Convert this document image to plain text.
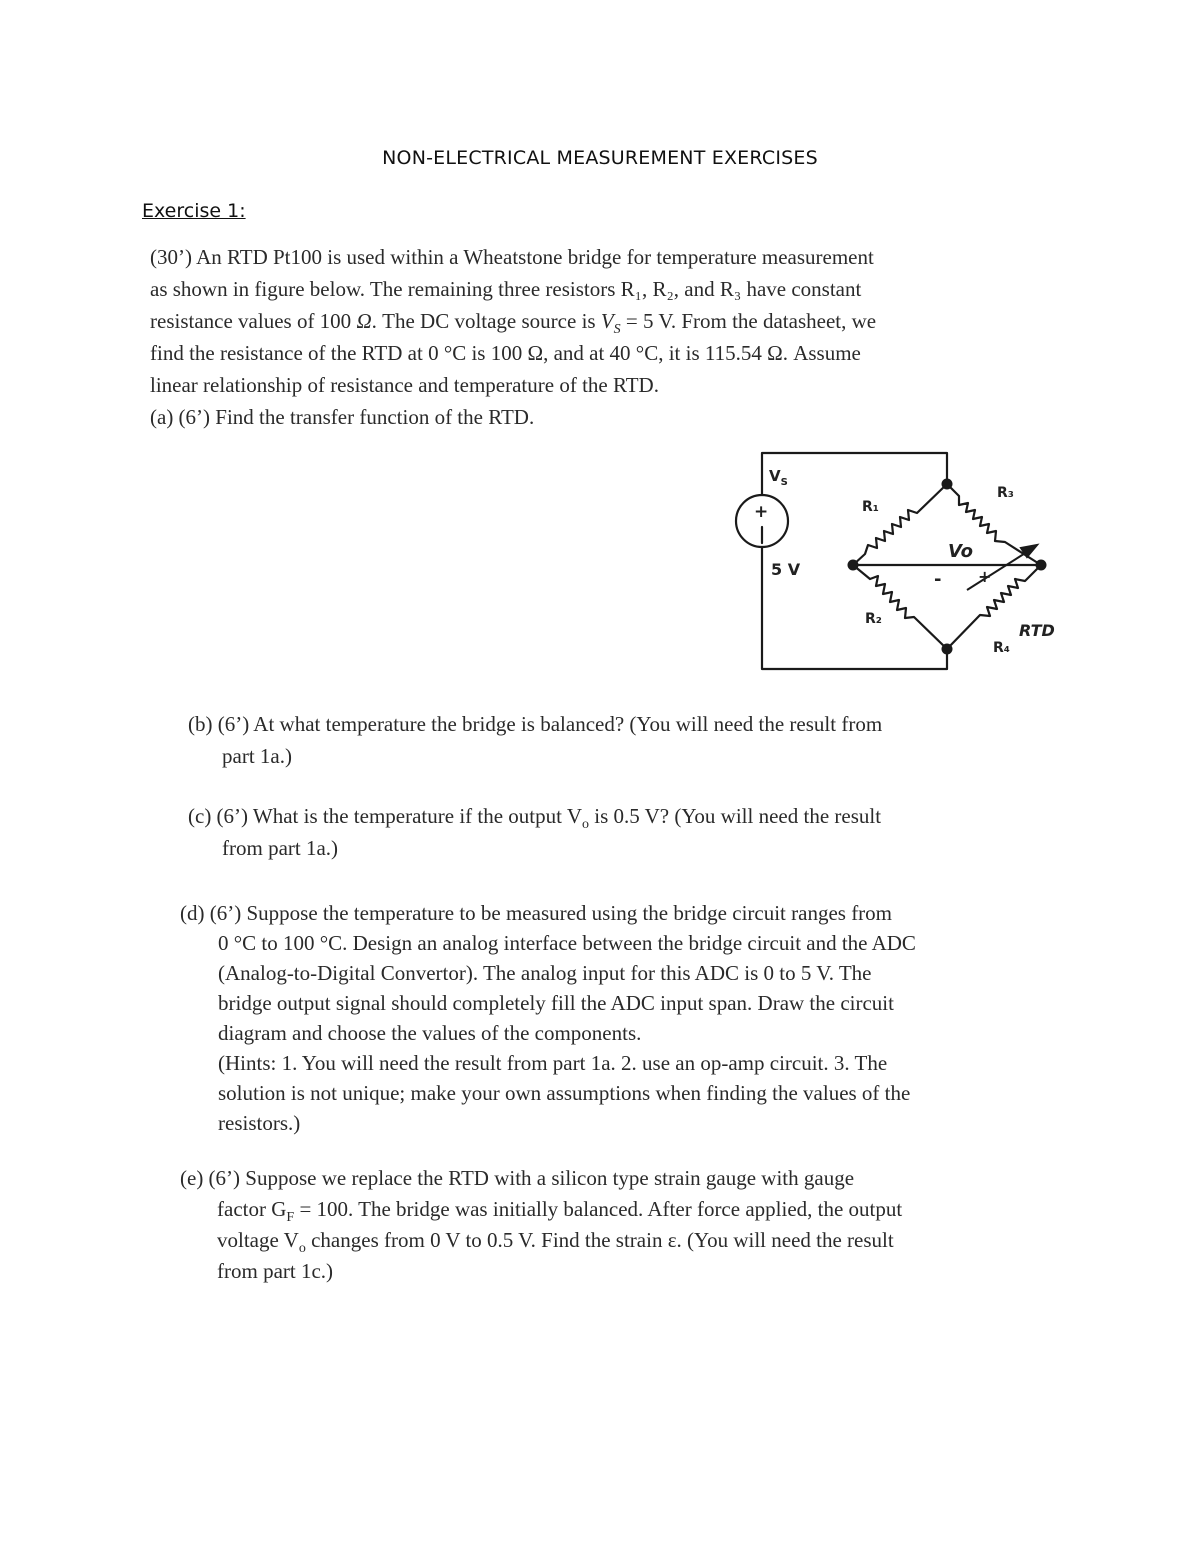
NON-ELECTRICAL MEASUREMENT EXERCISES
Exercise 1:
(30’) An RTD Pt100 is used within a Wheatstone bridge for temperature measurement
as shown in figure below. The remaining three resistors R₁, R₂, and R₃ have constant
resistance values of 100 Ω. The DC voltage source is $V_S = 5$ V. From the datasheet, we
find the resistance of the RTD at 0 °C is 100 Ω, and at 40 °C, it is 115.54 Ω. Assume
linear relationship of resistance and temperature of the RTD.
(a) (6’) Find the transfer function of the RTD.
$V_S$
+
5 V
R₁
R₃
R₂
R₄
Vo
- +
RTD
(b) (6’) At what temperature the bridge is balanced? (You will need the result from
part 1a.)
(c) (6’) What is the temperature if the output $V_o$ is 0.5 V? (You will need the result
from part 1a.)
(d) (6’) Suppose the temperature to be measured using the bridge circuit ranges from
0 °C to 100 °C. Design an analog interface between the bridge circuit and the ADC
(Analog-to-Digital Convertor). The analog input for this ADC is 0 to 5 V. The
bridge output signal should completely fill the ADC input span. Draw the circuit
diagram and choose the values of the components.
(Hints: 1. You will need the result from part 1a. 2. use an op-amp circuit. 3. The
solution is not unique; make your own assumptions when finding the values of the
resistors.)
(e) (6’) Suppose we replace the RTD with a silicon type strain gauge with gauge
factor $G_F = 100$. The bridge was initially balanced. After force applied, the output
voltage $V_o$ changes from 0 V to 0.5 V. Find the strain ε. (You will need the result
from part 1c.)
